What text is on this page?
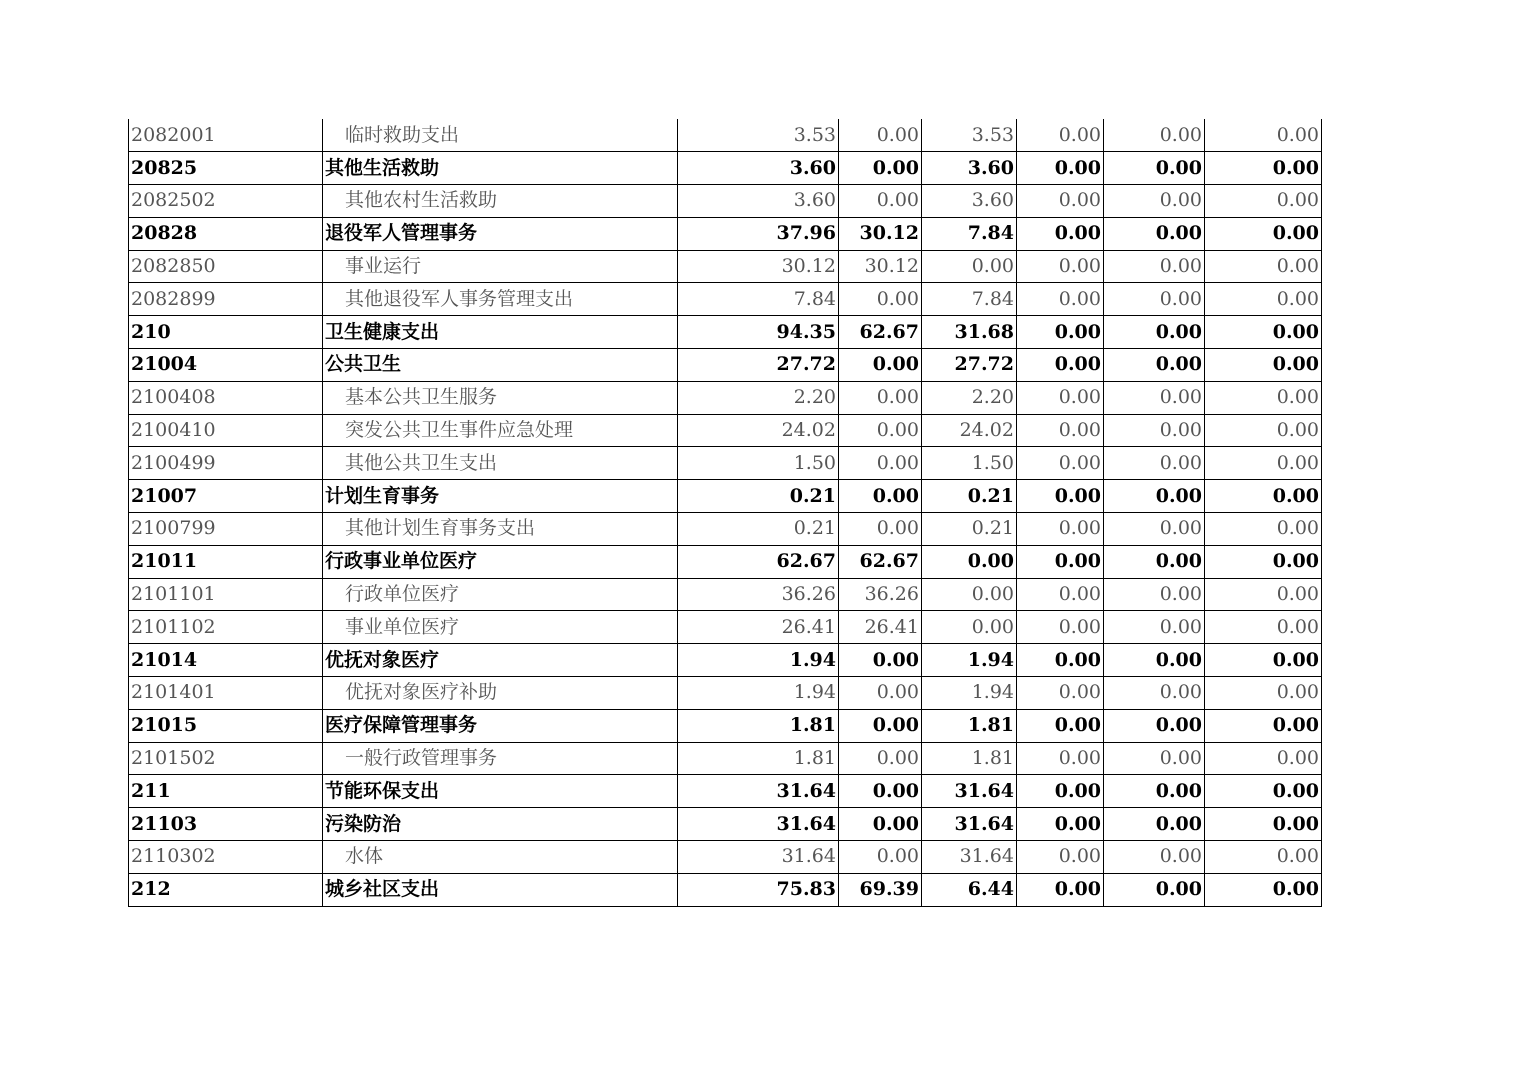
2082001	临时救助支出	3.53	0.00	3.53	0.00	0.00	0.00
20825	其他生活救助	3.60	0.00	3.60	0.00	0.00	0.00
2082502	其他农村生活救助	3.60	0.00	3.60	0.00	0.00	0.00
20828	退役军人管理事务	37.96	30.12	7.84	0.00	0.00	0.00
2082850	事业运行	30.12	30.12	0.00	0.00	0.00	0.00
2082899	其他退役军人事务管理支出	7.84	0.00	7.84	0.00	0.00	0.00
210	卫生健康支出	94.35	62.67	31.68	0.00	0.00	0.00
21004	公共卫生	27.72	0.00	27.72	0.00	0.00	0.00
2100408	基本公共卫生服务	2.20	0.00	2.20	0.00	0.00	0.00
2100410	突发公共卫生事件应急处理	24.02	0.00	24.02	0.00	0.00	0.00
2100499	其他公共卫生支出	1.50	0.00	1.50	0.00	0.00	0.00
21007	计划生育事务	0.21	0.00	0.21	0.00	0.00	0.00
2100799	其他计划生育事务支出	0.21	0.00	0.21	0.00	0.00	0.00
21011	行政事业单位医疗	62.67	62.67	0.00	0.00	0.00	0.00
2101101	行政单位医疗	36.26	36.26	0.00	0.00	0.00	0.00
2101102	事业单位医疗	26.41	26.41	0.00	0.00	0.00	0.00
21014	优抚对象医疗	1.94	0.00	1.94	0.00	0.00	0.00
2101401	优抚对象医疗补助	1.94	0.00	1.94	0.00	0.00	0.00
21015	医疗保障管理事务	1.81	0.00	1.81	0.00	0.00	0.00
2101502	一般行政管理事务	1.81	0.00	1.81	0.00	0.00	0.00
211	节能环保支出	31.64	0.00	31.64	0.00	0.00	0.00
21103	污染防治	31.64	0.00	31.64	0.00	0.00	0.00
2110302	水体	31.64	0.00	31.64	0.00	0.00	0.00
212	城乡社区支出	75.83	69.39	6.44	0.00	0.00	0.00
